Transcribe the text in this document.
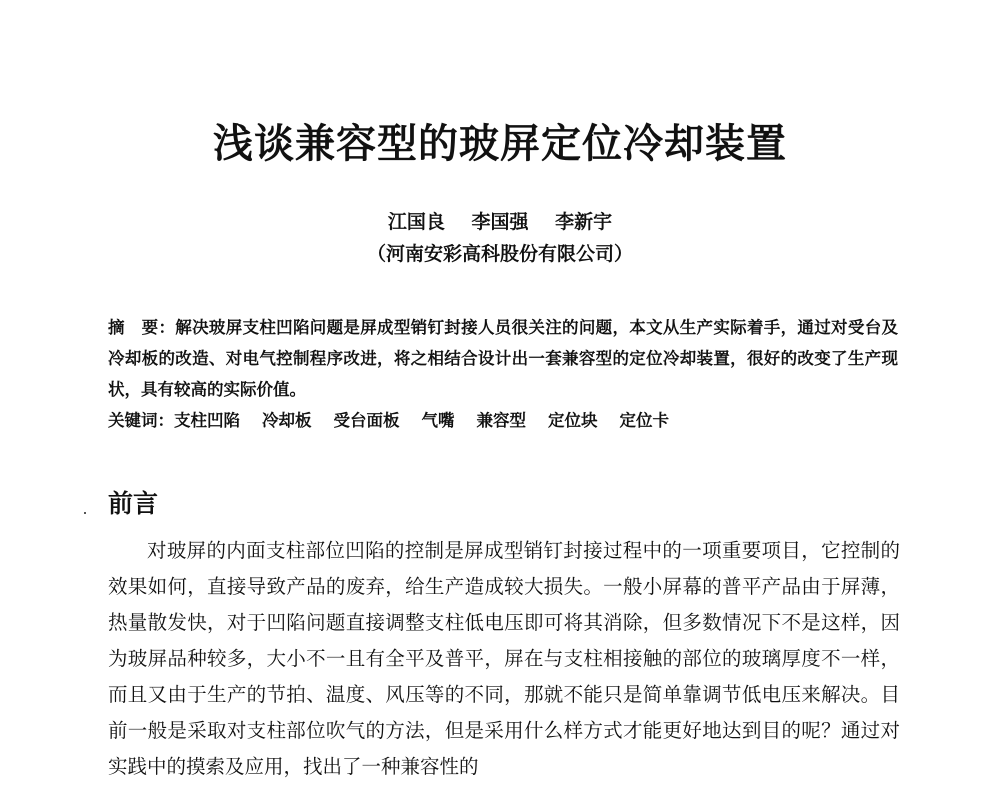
浅谈兼容型的玻屏定位冷却装置
江国良 李国强 李新宇
（河南安彩高科股份有限公司）
摘　要：解决玻屏支柱凹陷问题是屏成型销钉封接人员很关注的问题，本文从生产实际着手，通过对受台及冷却板的改造、对电气控制程序改进，将之相结合设计出一套兼容型的定位冷却装置，很好的改变了生产现状，具有较高的实际价值。
关键词：支柱凹陷 冷却板 受台面板 气嘴 兼容型 定位块 定位卡
前言
对玻屏的内面支柱部位凹陷的控制是屏成型销钉封接过程中的一项重要项目，它控制的效果如何，直接导致产品的废弃，给生产造成较大损失。一般小屏幕的普平产品由于屏薄，热量散发快，对于凹陷问题直接调整支柱低电压即可将其消除，但多数情况下不是这样，因为玻屏品种较多，大小不一且有全平及普平，屏在与支柱相接触的部位的玻璃厚度不一样，而且又由于生产的节拍、温度、风压等的不同，那就不能只是简单靠调节低电压来解决。目前一般是采取对支柱部位吹气的方法，但是采用什么样方式才能更好地达到目的呢？通过对实践中的摸索及应用，找出了一种兼容性的
